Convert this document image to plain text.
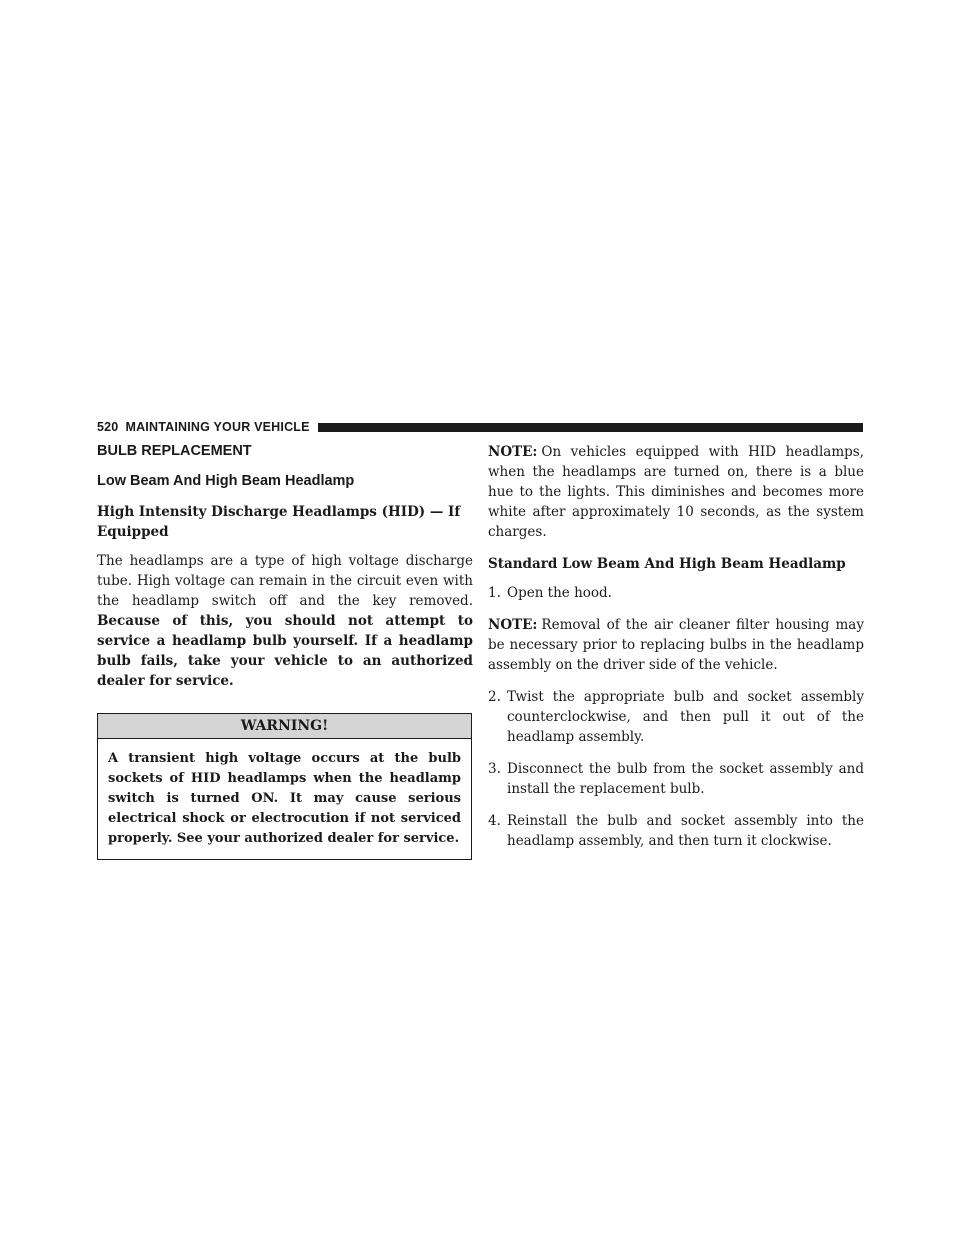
520 MAINTAINING YOUR VEHICLE
BULB REPLACEMENT
Low Beam And High Beam Headlamp
High Intensity Discharge Headlamps (HID) — If Equipped

The headlamps are a type of high voltage discharge tube. High voltage can remain in the circuit even with the headlamp switch off and the key removed. Because of this, you should not attempt to service a headlamp bulb yourself. If a headlamp bulb fails, take your vehicle to an authorized dealer for service.

WARNING!
A transient high voltage occurs at the bulb sockets of HID headlamps when the headlamp switch is turned ON. It may cause serious electrical shock or electrocution if not serviced properly. See your authorized dealer for service.

NOTE: On vehicles equipped with HID headlamps, when the headlamps are turned on, there is a blue hue to the lights. This diminishes and becomes more white after approximately 10 seconds, as the system charges.

Standard Low Beam And High Beam Headlamp

1. Open the hood.

NOTE: Removal of the air cleaner filter housing may be necessary prior to replacing bulbs in the headlamp assembly on the driver side of the vehicle.

2. Twist the appropriate bulb and socket assembly counterclockwise, and then pull it out of the headlamp assembly.

3. Disconnect the bulb from the socket assembly and install the replacement bulb.

4. Reinstall the bulb and socket assembly into the headlamp assembly, and then turn it clockwise.
